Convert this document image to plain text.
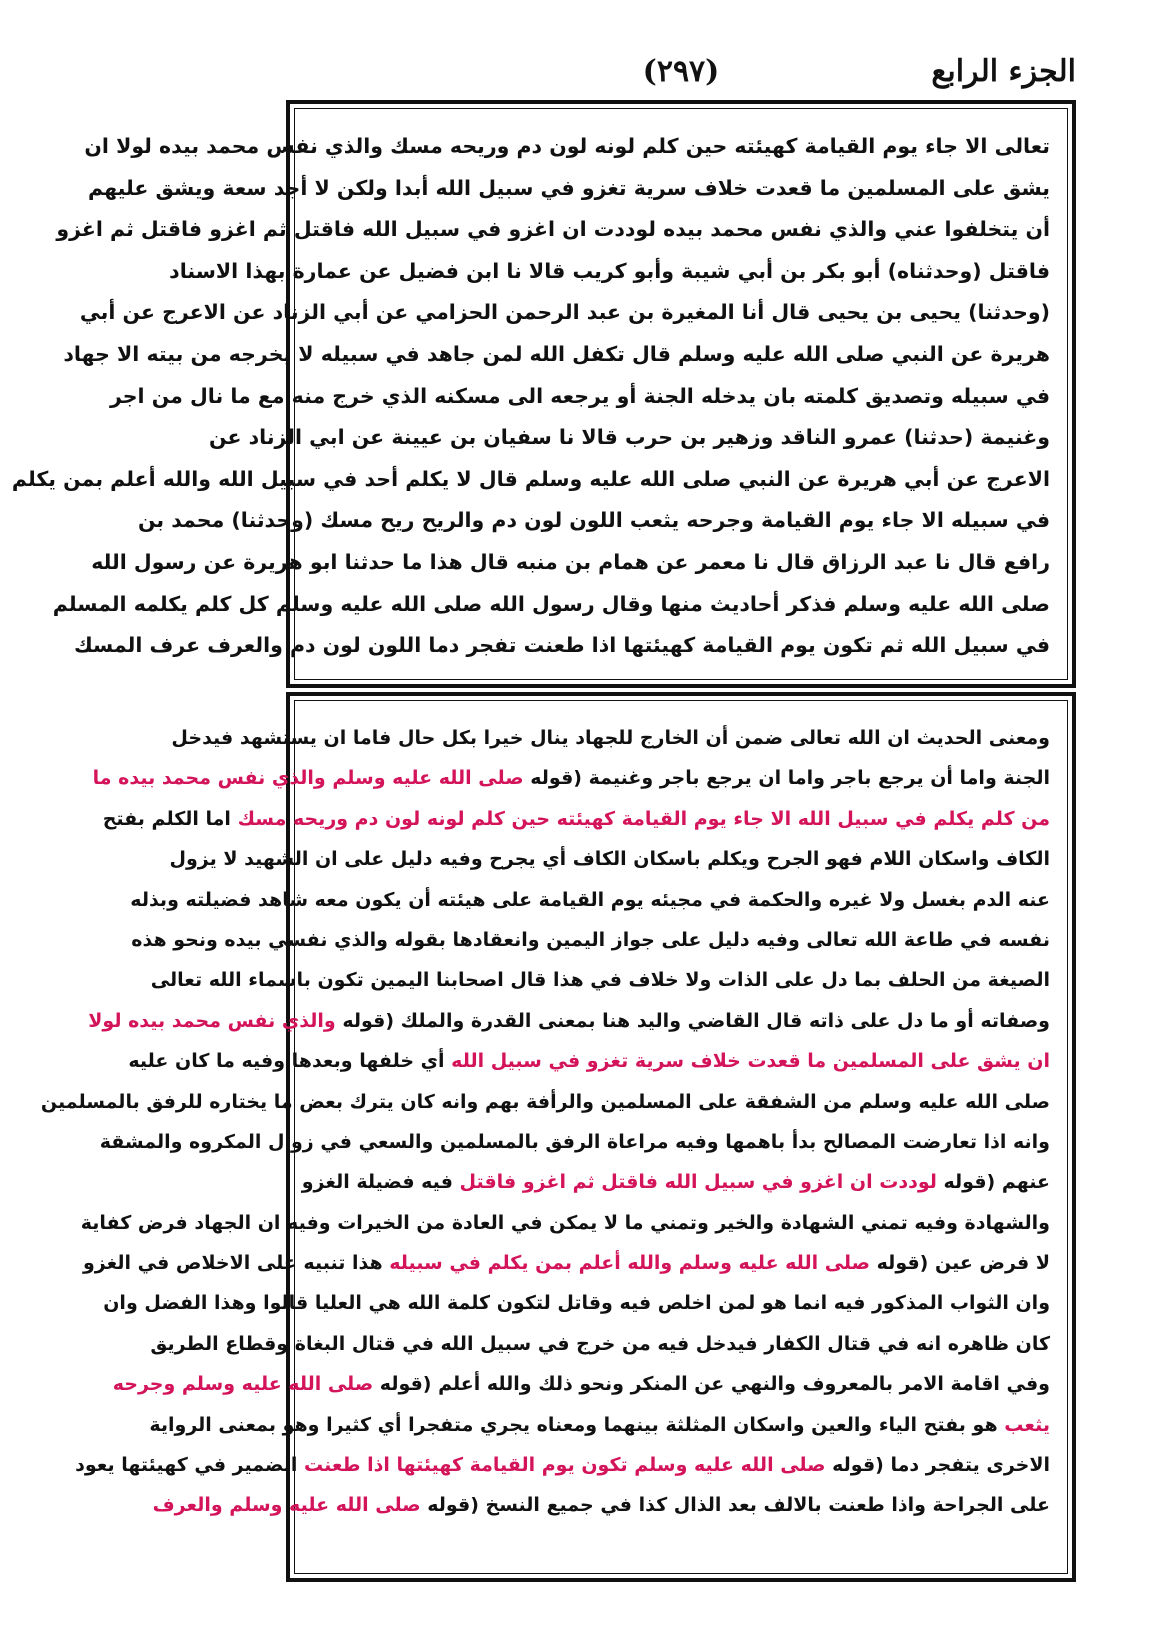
الجزء الرابع
(٢٩٧)
تعالى الا جاء يوم القيامة كهيئته حين كلم لونه لون دم وريحه مسك والذي نفس محمد بيده لولا ان
يشق على المسلمين ما قعدت خلاف سرية تغزو في سبيل الله أبدا ولكن لا أجد سعة ويشق عليهم
أن يتخلفوا عني والذي نفس محمد بيده لوددت ان اغزو في سبيل الله فاقتل ثم اغزو فاقتل ثم اغزو
فاقتل (وحدثناه) أبو بكر بن أبي شيبة وأبو كريب قالا نا ابن فضيل عن عمارة بهذا الاسناد
(وحدثنا) يحيى بن يحيى قال أنا المغيرة بن عبد الرحمن الحزامي عن أبي الزناد عن الاعرج عن أبي
هريرة عن النبي صلى الله عليه وسلم قال تكفل الله لمن جاهد في سبيله لا يخرجه من بيته الا جهاد
في سبيله وتصديق كلمته بان يدخله الجنة أو يرجعه الى مسكنه الذي خرج منه مع ما نال من اجر
وغنيمة (حدثنا) عمرو الناقد وزهير بن حرب قالا نا سفيان بن عيينة عن ابي الزناد عن
الاعرج عن أبي هريرة عن النبي صلى الله عليه وسلم قال لا يكلم أحد في سبيل الله والله أعلم بمن يكلم
في سبيله الا جاء يوم القيامة وجرحه يثعب اللون لون دم والريح ريح مسك (وحدثنا) محمد بن
رافع قال نا عبد الرزاق قال نا معمر عن همام بن منبه قال هذا ما حدثنا ابو هريرة عن رسول الله
صلى الله عليه وسلم فذكر أحاديث منها وقال رسول الله صلى الله عليه وسلم كل كلم يكلمه المسلم
في سبيل الله ثم تكون يوم القيامة كهيئتها اذا طعنت تفجر دما اللون لون دم والعرف عرف المسك
ومعنى الحديث ان الله تعالى ضمن أن الخارج للجهاد ينال خيرا بكل حال فاما ان يستشهد فيدخل
الجنة واما أن يرجع باجر واما ان يرجع باجر وغنيمة (قوله صلى الله عليه وسلم والذي نفس محمد بيده ما
من كلم يكلم في سبيل الله الا جاء يوم القيامة كهيئته حين كلم لونه لون دم وريحه مسك اما الكلم بفتح
الكاف واسكان اللام فهو الجرح ويكلم باسكان الكاف أي يجرح وفيه دليل على ان الشهيد لا يزول
عنه الدم بغسل ولا غيره والحكمة في مجيئه يوم القيامة على هيئته أن يكون معه شاهد فضيلته وبذله
نفسه في طاعة الله تعالى وفيه دليل على جواز اليمين وانعقادها بقوله والذي نفسي بيده ونحو هذه
الصيغة من الحلف بما دل على الذات ولا خلاف في هذا قال اصحابنا اليمين تكون باسماء الله تعالى
وصفاته أو ما دل على ذاته قال القاضي واليد هنا بمعنى القدرة والملك (قوله والذي نفس محمد بيده لولا
ان يشق على المسلمين ما قعدت خلاف سرية تغزو في سبيل الله أي خلفها وبعدها وفيه ما كان عليه
صلى الله عليه وسلم من الشفقة على المسلمين والرأفة بهم وانه كان يترك بعض ما يختاره للرفق بالمسلمين
وانه اذا تعارضت المصالح بدأ باهمها وفيه مراعاة الرفق بالمسلمين والسعي في زوال المكروه والمشقة
عنهم (قوله لوددت ان اغزو في سبيل الله فاقتل ثم اغزو فاقتل فيه فضيلة الغزو
والشهادة وفيه تمني الشهادة والخير وتمني ما لا يمكن في العادة من الخيرات وفيه ان الجهاد فرض كفاية
لا فرض عين (قوله صلى الله عليه وسلم والله أعلم بمن يكلم في سبيله هذا تنبيه على الاخلاص في الغزو
وان الثواب المذكور فيه انما هو لمن اخلص فيه وقاتل لتكون كلمة الله هي العليا قالوا وهذا الفضل وان
كان ظاهره انه في قتال الكفار فيدخل فيه من خرج في سبيل الله في قتال البغاة وقطاع الطريق
وفي اقامة الامر بالمعروف والنهي عن المنكر ونحو ذلك والله أعلم (قوله صلى الله عليه وسلم وجرحه
يثعب هو بفتح الياء والعين واسكان المثلثة بينهما ومعناه يجري متفجرا أي كثيرا وهو بمعنى الرواية
الاخرى يتفجر دما (قوله صلى الله عليه وسلم تكون يوم القيامة كهيئتها اذا طعنت الضمير في كهيئتها يعود
على الجراحة واذا طعنت بالالف بعد الذال كذا في جميع النسخ (قوله صلى الله عليه وسلم والعرف
